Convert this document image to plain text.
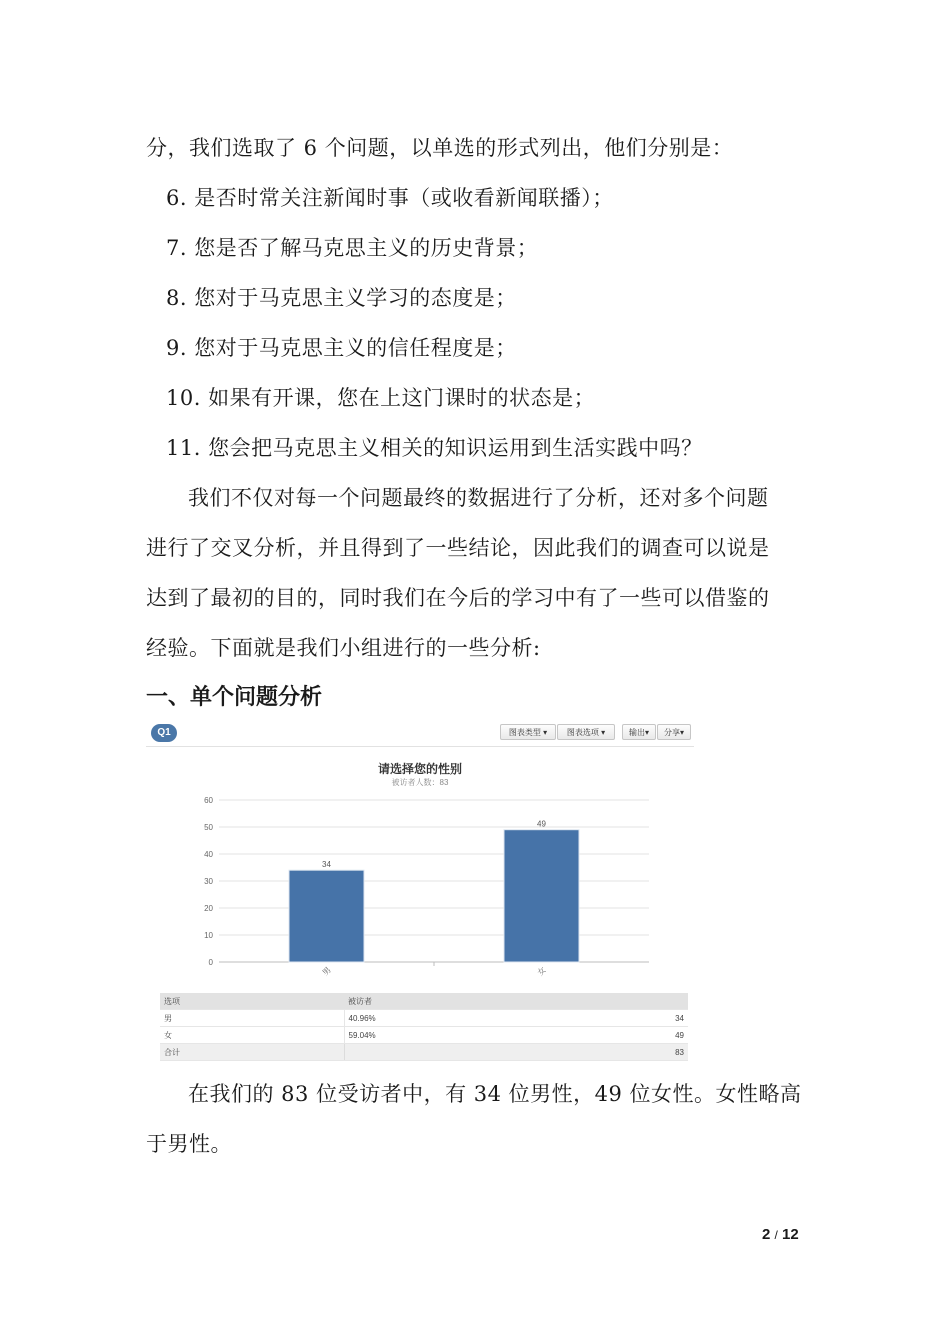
分，我们选取了 6 个问题，以单选的形式列出，他们分别是：
6. 是否时常关注新闻时事（或收看新闻联播）；
7. 您是否了解马克思主义的历史背景；
8. 您对于马克思主义学习的态度是；
9. 您对于马克思主义的信任程度是；
10. 如果有开课，您在上这门课时的状态是；
11. 您会把马克思主义相关的知识运用到生活实践中吗？
我们不仅对每一个问题最终的数据进行了分析，还对多个问题
进行了交叉分析，并且得到了一些结论，因此我们的调查可以说是
达到了最初的目的，同时我们在今后的学习中有了一些可以借鉴的
经验。下面就是我们小组进行的一些分析:
一、单个问题分析
Q1	图表类型 ▾	图表选项 ▾	输出▾	分享▾
请选择您的性别
被访者人数：83
0
10
20
30
40
50
60
34
男
49
女
选项	被访者	
男	40.96%	34
女	59.04%	49
合计		83
在我们的 83 位受访者中，有 34 位男性，49 位女性。女性略高
于男性。
2 / 12
